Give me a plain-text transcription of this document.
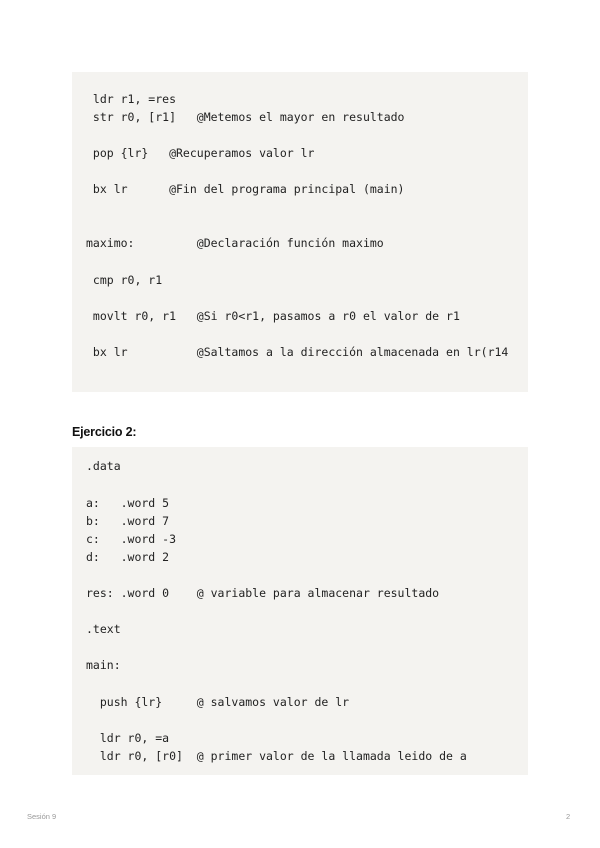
ldr r1, =res
str r0, [r1]   @Metemos el mayor en resultado
pop {lr}   @Recuperamos valor lr
bx lr      @Fin del programa principal (main)
maximo:         @Declaración función maximo
cmp r0, r1
movlt r0, r1   @Si r0<r1, pasamos a r0 el valor de r1
bx lr          @Saltamos a la dirección almacenada en lr(r14
Ejercicio 2:
.data
a:   .word 5
b:   .word 7
c:   .word -3
d:   .word 2
res: .word 0    @ variable para almacenar resultado
.text
main:
push {lr}     @ salvamos valor de lr
ldr r0, =a
ldr r0, [r0]  @ primer valor de la llamada leido de a
Sesión 9	2
